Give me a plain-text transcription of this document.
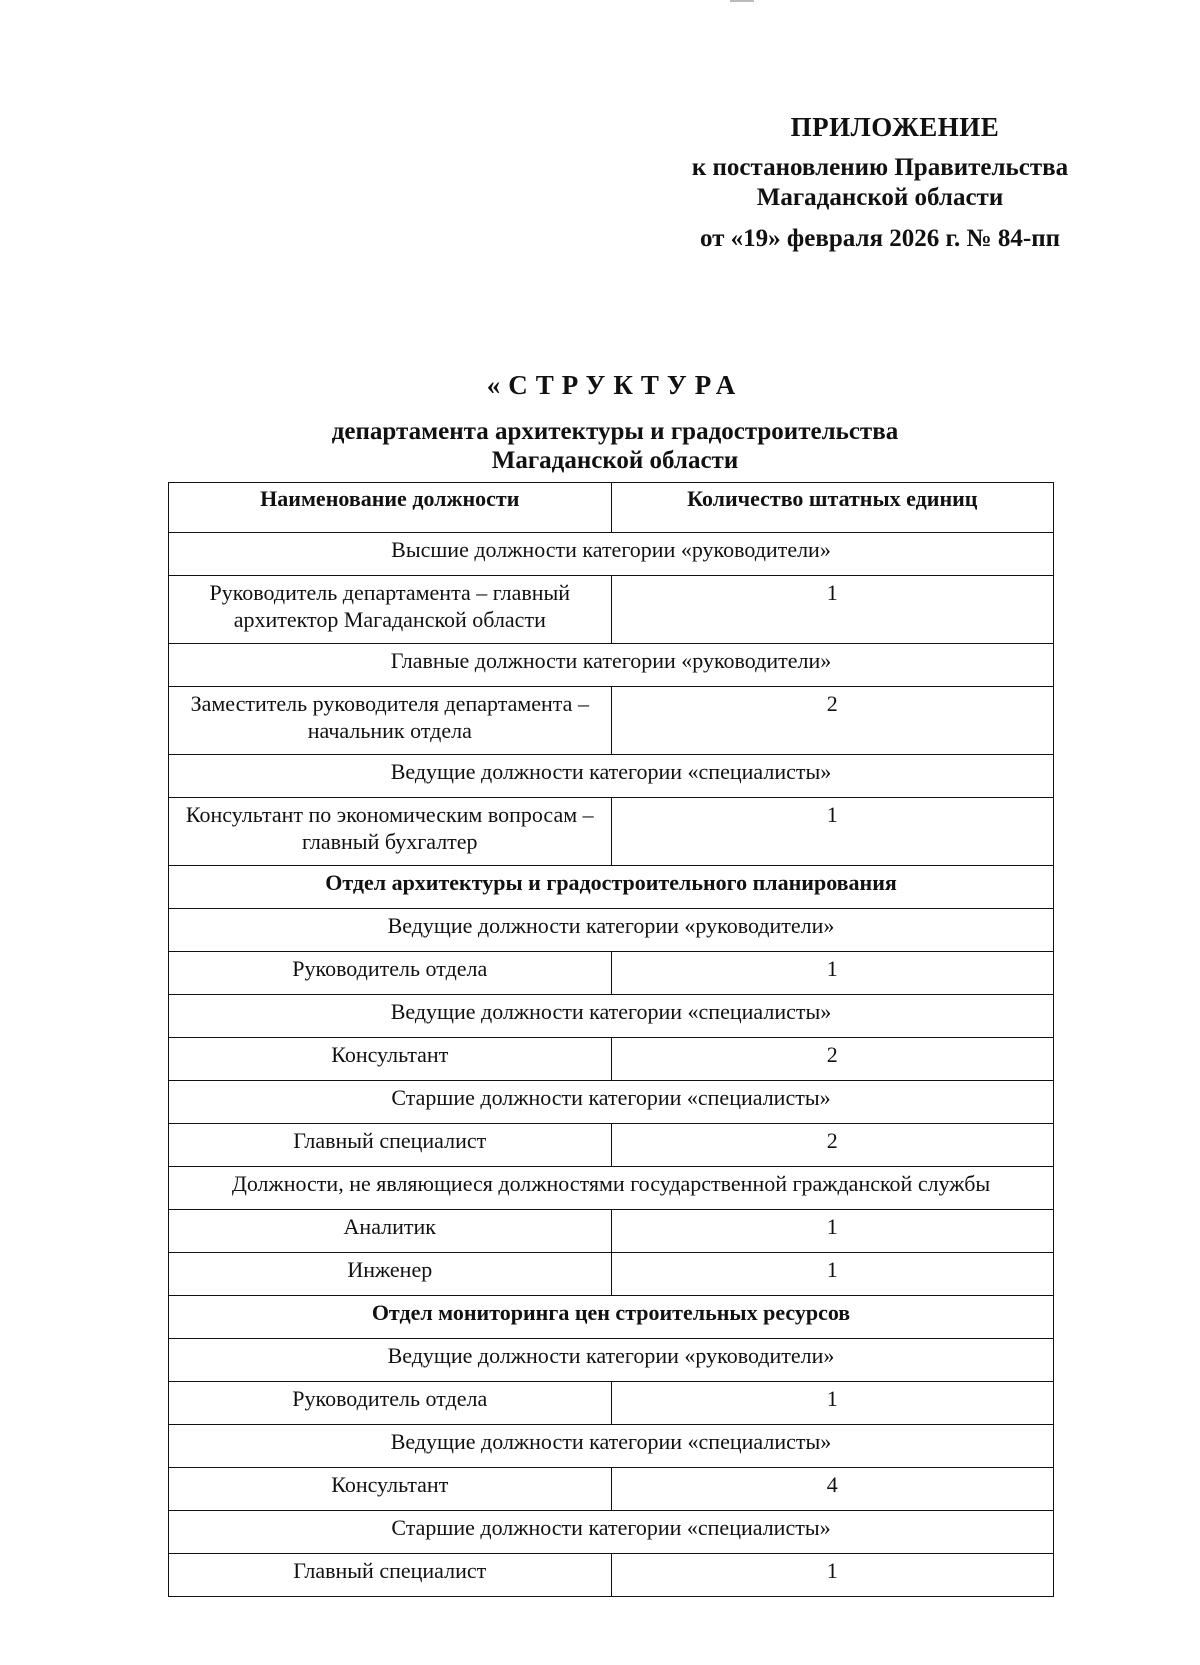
ПРИЛОЖЕНИЕ
к постановлению Правительства
Магаданской области
от «19» февраля 2026 г. № 84-пп
«СТРУКТУРА
департамента архитектуры и градостроительства
Магаданской области
Наименование должности	Количество штатных единиц
Высшие должности категории «руководители»	
Руководитель департамента – главный архитектор Магаданской области	1
Главные должности категории «руководители»	
Заместитель руководителя департамента – начальник отдела	2
Ведущие должности категории «специалисты»	
Консультант по экономическим вопросам – главный бухгалтер	1
Отдел архитектуры и градостроительного планирования	
Ведущие должности категории «руководители»	
Руководитель отдела	1
Ведущие должности категории «специалисты»	
Консультант	2
Старшие должности категории «специалисты»	
Главный специалист	2
Должности, не являющиеся должностями государственной гражданской службы	
Аналитик	1
Инженер	1
Отдел мониторинга цен строительных ресурсов	
Ведущие должности категории «руководители»	
Руководитель отдела	1
Ведущие должности категории «специалисты»	
Консультант	4
Старшие должности категории «специалисты»	
Главный специалист	1
